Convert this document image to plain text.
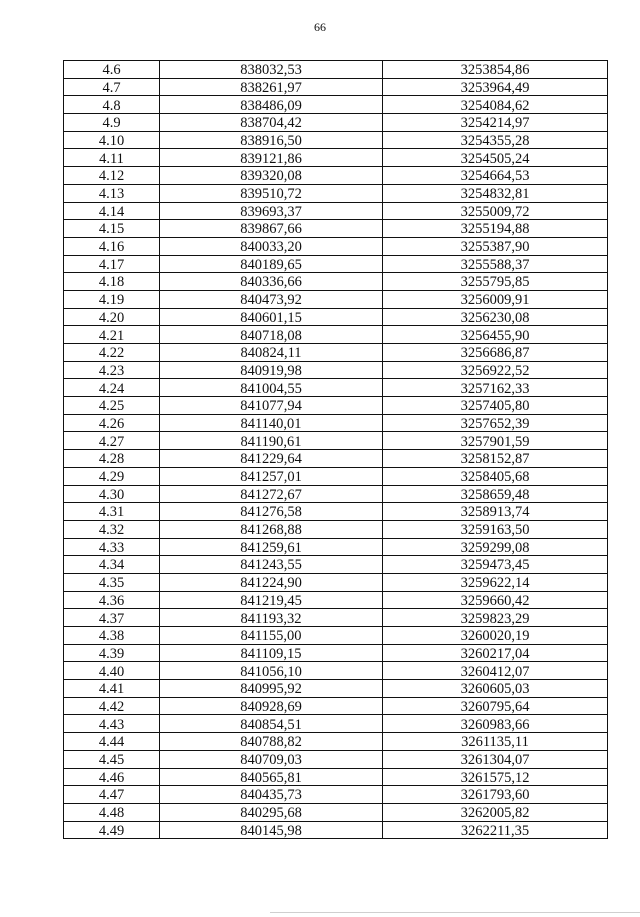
66
4.6	838032,53	3253854,86
4.7	838261,97	3253964,49
4.8	838486,09	3254084,62
4.9	838704,42	3254214,97
4.10	838916,50	3254355,28
4.11	839121,86	3254505,24
4.12	839320,08	3254664,53
4.13	839510,72	3254832,81
4.14	839693,37	3255009,72
4.15	839867,66	3255194,88
4.16	840033,20	3255387,90
4.17	840189,65	3255588,37
4.18	840336,66	3255795,85
4.19	840473,92	3256009,91
4.20	840601,15	3256230,08
4.21	840718,08	3256455,90
4.22	840824,11	3256686,87
4.23	840919,98	3256922,52
4.24	841004,55	3257162,33
4.25	841077,94	3257405,80
4.26	841140,01	3257652,39
4.27	841190,61	3257901,59
4.28	841229,64	3258152,87
4.29	841257,01	3258405,68
4.30	841272,67	3258659,48
4.31	841276,58	3258913,74
4.32	841268,88	3259163,50
4.33	841259,61	3259299,08
4.34	841243,55	3259473,45
4.35	841224,90	3259622,14
4.36	841219,45	3259660,42
4.37	841193,32	3259823,29
4.38	841155,00	3260020,19
4.39	841109,15	3260217,04
4.40	841056,10	3260412,07
4.41	840995,92	3260605,03
4.42	840928,69	3260795,64
4.43	840854,51	3260983,66
4.44	840788,82	3261135,11
4.45	840709,03	3261304,07
4.46	840565,81	3261575,12
4.47	840435,73	3261793,60
4.48	840295,68	3262005,82
4.49	840145,98	3262211,35
